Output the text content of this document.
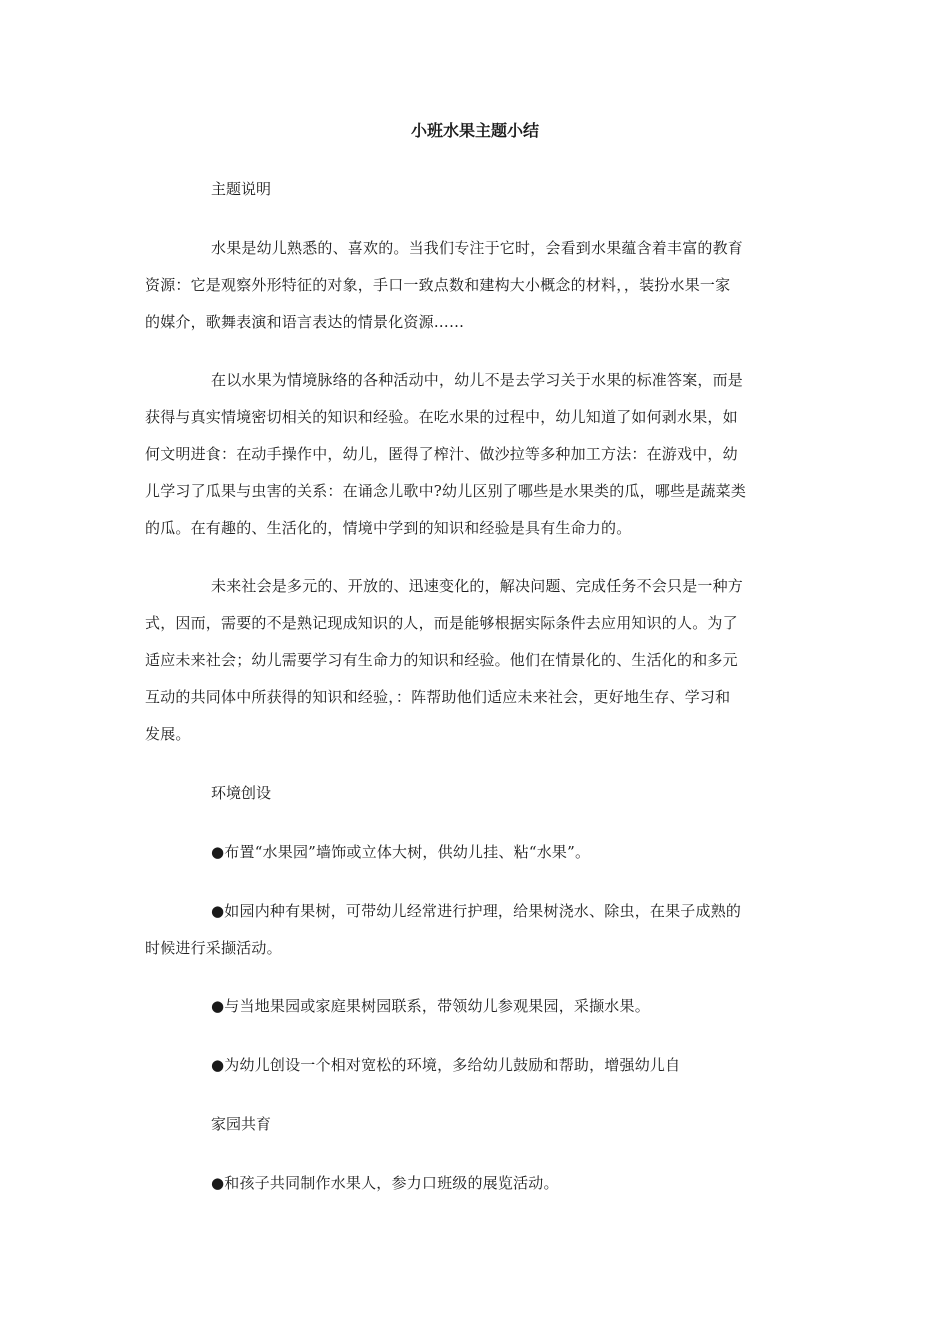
小班水果主题小结
主题说明

水果是幼儿熟悉的、喜欢的。当我们专注于它时，会看到水果蕴含着丰富的教育
资源：它是观察外形特征的对象，手口一致点数和建构大小概念的材料，，装扮水果一家
的媒介，歌舞表演和语言表达的情景化资源……

在以水果为情境脉络的各种活动中，幼儿不是去学习关于水果的标准答案，而是
获得与真实情境密切相关的知识和经验。在吃水果的过程中，幼儿知道了如何剥水果，如
何文明进食：在动手操作中，幼儿，匿得了榨汁、做沙拉等多种加工方法：在游戏中，幼
儿学习了瓜果与虫害的关系：在诵念儿歌中?幼儿区别了哪些是水果类的瓜，哪些是蔬菜类
的瓜。在有趣的、生活化的，情境中学到的知识和经验是具有生命力的。

未来社会是多元的、开放的、迅速变化的，解决问题、完成任务不会只是一种方
式，因而，需要的不是熟记现成知识的人，而是能够根据实际条件去应用知识的人。为了
适应未来社会；幼儿需要学习有生命力的知识和经验。他们在情景化的、生活化的和多元
互动的共同体中所获得的知识和经验，：阵帮助他们适应未来社会，更好地生存、学习和
发展。

环境创设

●布置“水果园”墙饰或立体大树，供幼儿挂、粘“水果”。

●如园内种有果树，可带幼儿经常进行护理，给果树浇水、除虫，在果子成熟的
时候进行采撷活动。

●与当地果园或家庭果树园联系，带领幼儿参观果园，采撷水果。

●为幼儿创设一个相对宽松的环境，多给幼儿鼓励和帮助，增强幼儿自

家园共育

●和孩子共同制作水果人，参力口班级的展览活动。
